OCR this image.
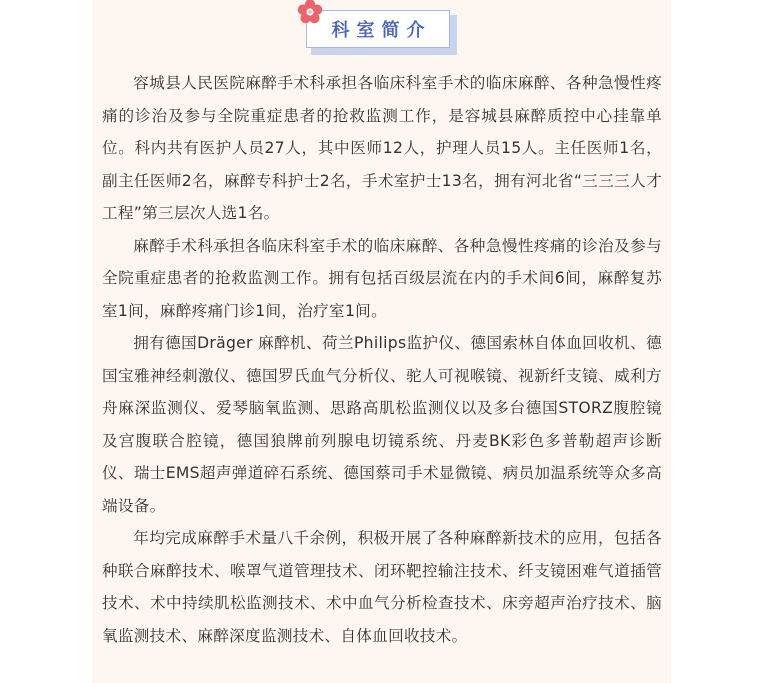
科室简介

容城县人民医院麻醉手术科承担各临床科室手术的临床麻醉、各种急慢性疼痛的诊治及参与全院重症患者的抢救监测工作，是容城县麻醉质控中心挂靠单位。科内共有医护人员27人，其中医师12人，护理人员15人。主任医师1名，副主任医师2名，麻醉专科护士2名，手术室护士13名，拥有河北省“三三三人才工程”第三层次人选1名。

麻醉手术科承担各临床科室手术的临床麻醉、各种急慢性疼痛的诊治及参与全院重症患者的抢救监测工作。拥有包括百级层流在内的手术间6间，麻醉复苏室1间，麻醉疼痛门诊1间，治疗室1间。

拥有德国Dräger 麻醉机、荷兰Philips监护仪、德国索林自体血回收机、德国宝雅神经刺激仪、德国罗氏血气分析仪、驼人可视喉镜、视新纤支镜、威利方舟麻深监测仪、爱琴脑氧监测、思路高肌松监测仪以及多台德国STORZ腹腔镜及宫腹联合腔镜，德国狼牌前列腺电切镜系统、丹麦BK彩色多普勒超声诊断仪、瑞士EMS超声弹道碎石系统、德国蔡司手术显微镜、病员加温系统等众多高端设备。

年均完成麻醉手术量八千余例，积极开展了各种麻醉新技术的应用，包括各种联合麻醉技术、喉罩气道管理技术、闭环靶控输注技术、纤支镜困难气道插管技术、术中持续肌松监测技术、术中血气分析检查技术、床旁超声治疗技术、脑氧监测技术、麻醉深度监测技术、自体血回收技术。
